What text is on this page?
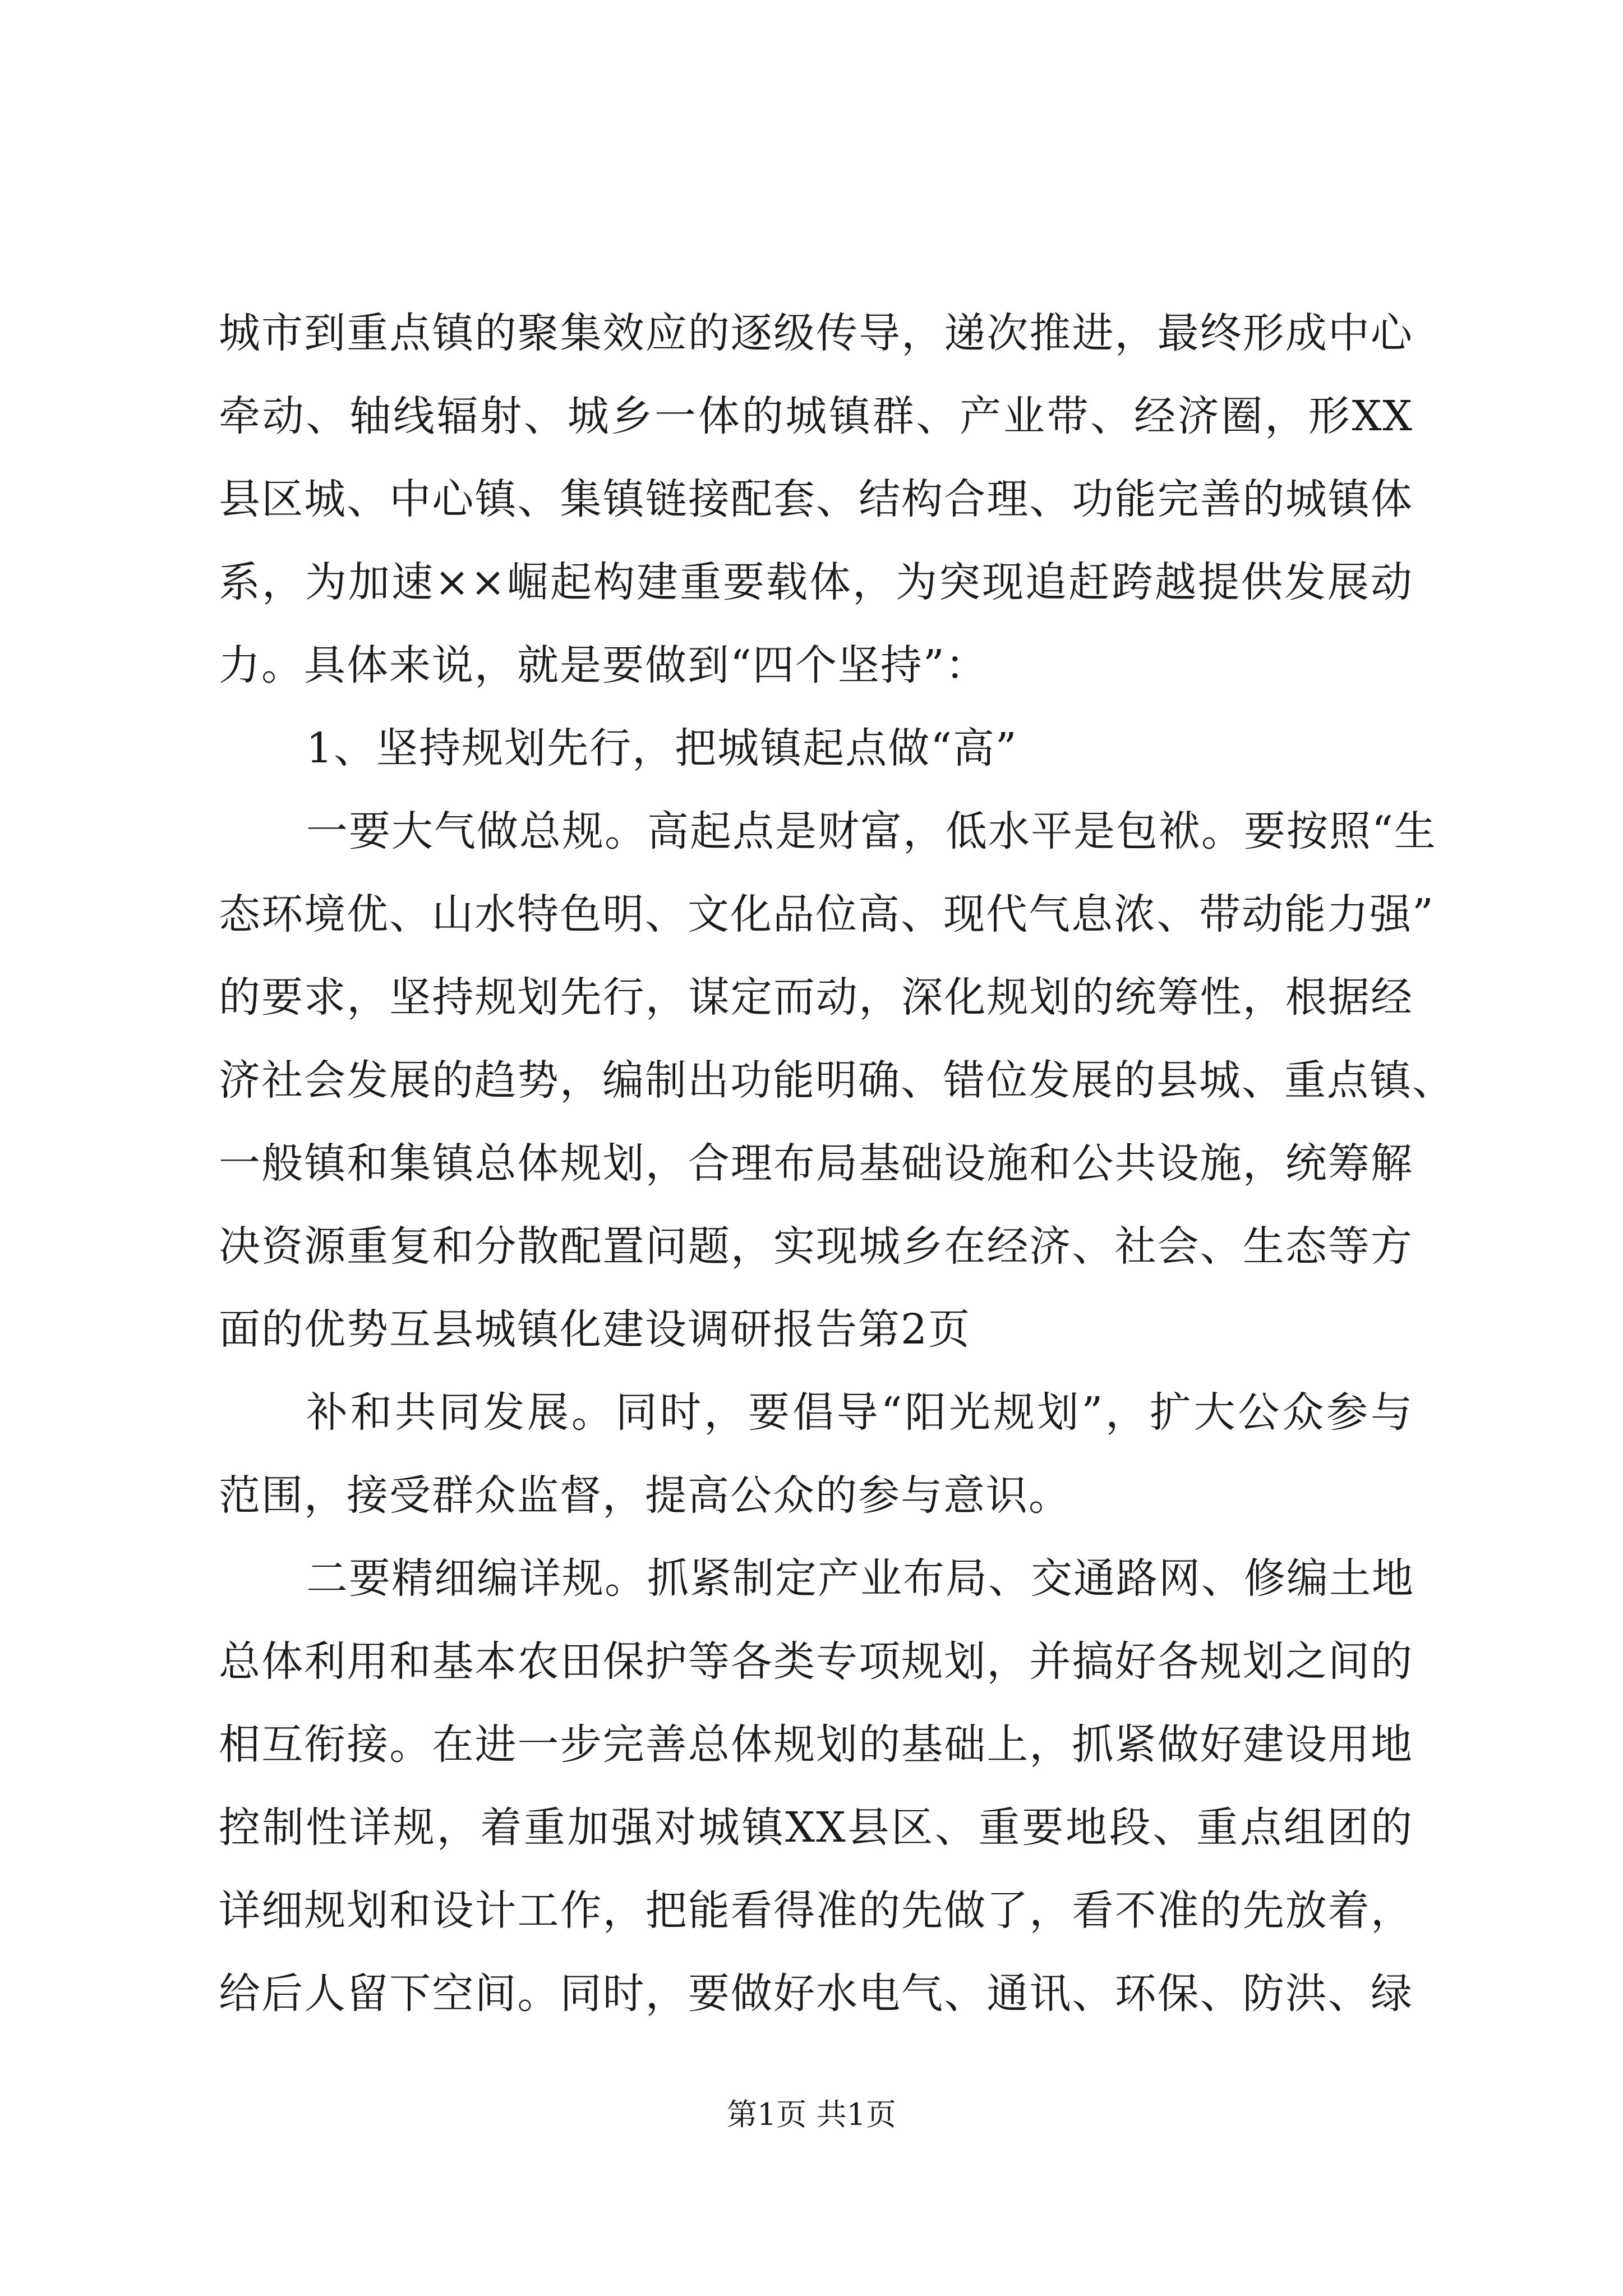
城市到重点镇的聚集效应的逐级传导，递次推进，最终形成中心
牵动、轴线辐射、城乡一体的城镇群、产业带、经济圈，形XX
县区城、中心镇、集镇链接配套、结构合理、功能完善的城镇体
系，为加速××崛起构建重要载体，为突现追赶跨越提供发展动
力。具体来说，就是要做到“四个坚持”：
1、坚持规划先行，把城镇起点做“高”
一要大气做总规。高起点是财富，低水平是包袱。要按照“生
态环境优、山水特色明、文化品位高、现代气息浓、带动能力强”
的要求，坚持规划先行，谋定而动，深化规划的统筹性，根据经
济社会发展的趋势，编制出功能明确、错位发展的县城、重点镇、
一般镇和集镇总体规划，合理布局基础设施和公共设施，统筹解
决资源重复和分散配置问题，实现城乡在经济、社会、生态等方
面的优势互县城镇化建设调研报告第2页
补和共同发展。同时，要倡导“阳光规划”，扩大公众参与
范围，接受群众监督，提高公众的参与意识。
二要精细编详规。抓紧制定产业布局、交通路网、修编土地
总体利用和基本农田保护等各类专项规划，并搞好各规划之间的
相互衔接。在进一步完善总体规划的基础上，抓紧做好建设用地
控制性详规，着重加强对城镇XX县区、重要地段、重点组团的
详细规划和设计工作，把能看得准的先做了，看不准的先放着，
给后人留下空间。同时，要做好水电气、通讯、环保、防洪、绿
第1页 共1页
